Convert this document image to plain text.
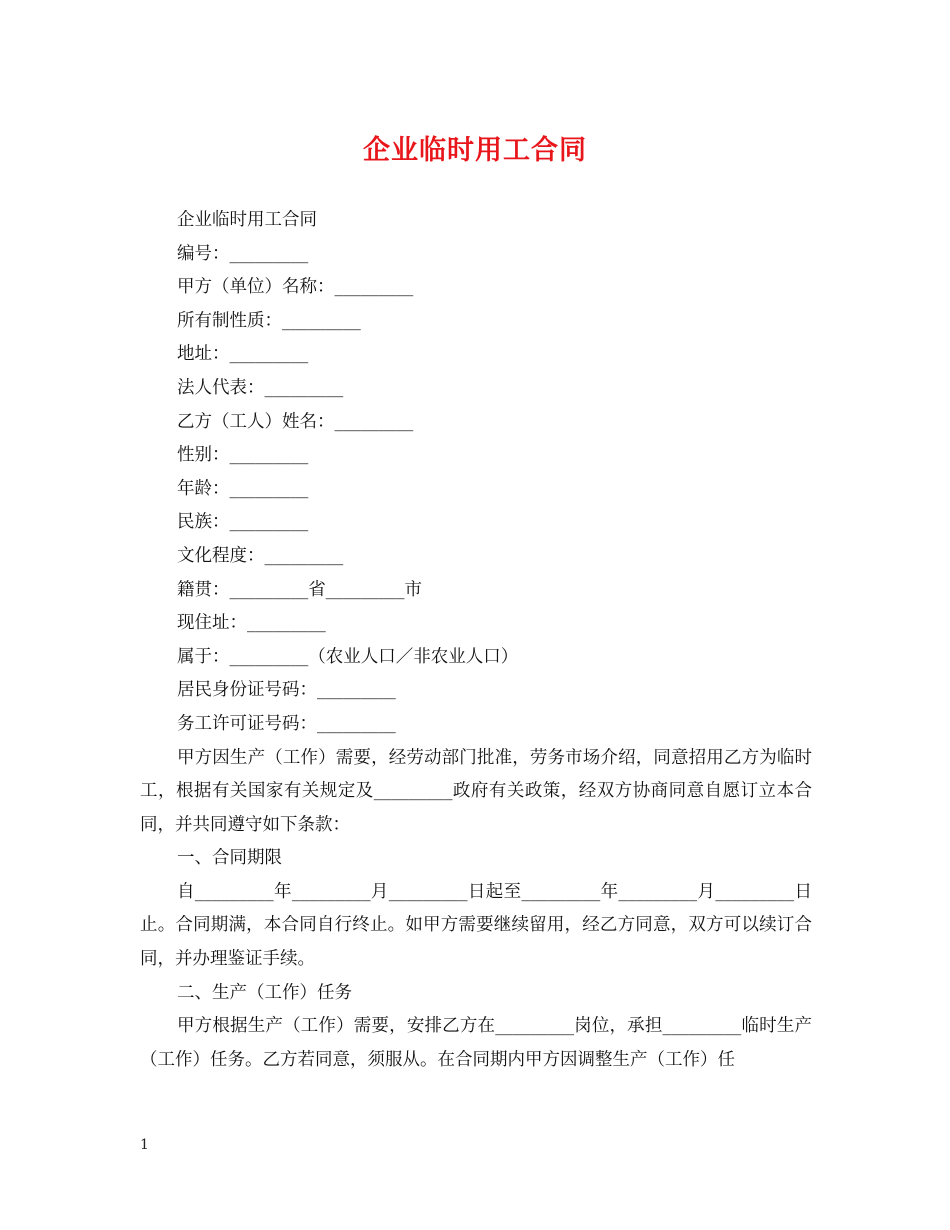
企业临时用工合同
企业临时用工合同
编号：_________
甲方（单位）名称：_________
所有制性质：_________
地址：_________
法人代表：_________
乙方（工人）姓名：_________
性别：_________
年龄：_________
民族：_________
文化程度：_________
籍贯：_________省_________市
现住址：_________
属于：_________（农业人口／非农业人口）
居民身份证号码：_________
务工许可证号码：_________
甲方因生产（工作）需要，经劳动部门批准，劳务市场介绍，同意招用乙方为临时工，根据有关国家有关规定及_________政府有关政策，经双方协商同意自愿订立本合同，并共同遵守如下条款：
一、合同期限
自_________年_________月_________日起至_________年_________月_________日止。合同期满，本合同自行终止。如甲方需要继续留用，经乙方同意，双方可以续订合同，并办理鉴证手续。
二、生产（工作）任务
甲方根据生产（工作）需要，安排乙方在_________岗位，承担_________临时生产（工作）任务。乙方若同意，须服从。在合同期内甲方因调整生产（工作）任
1
